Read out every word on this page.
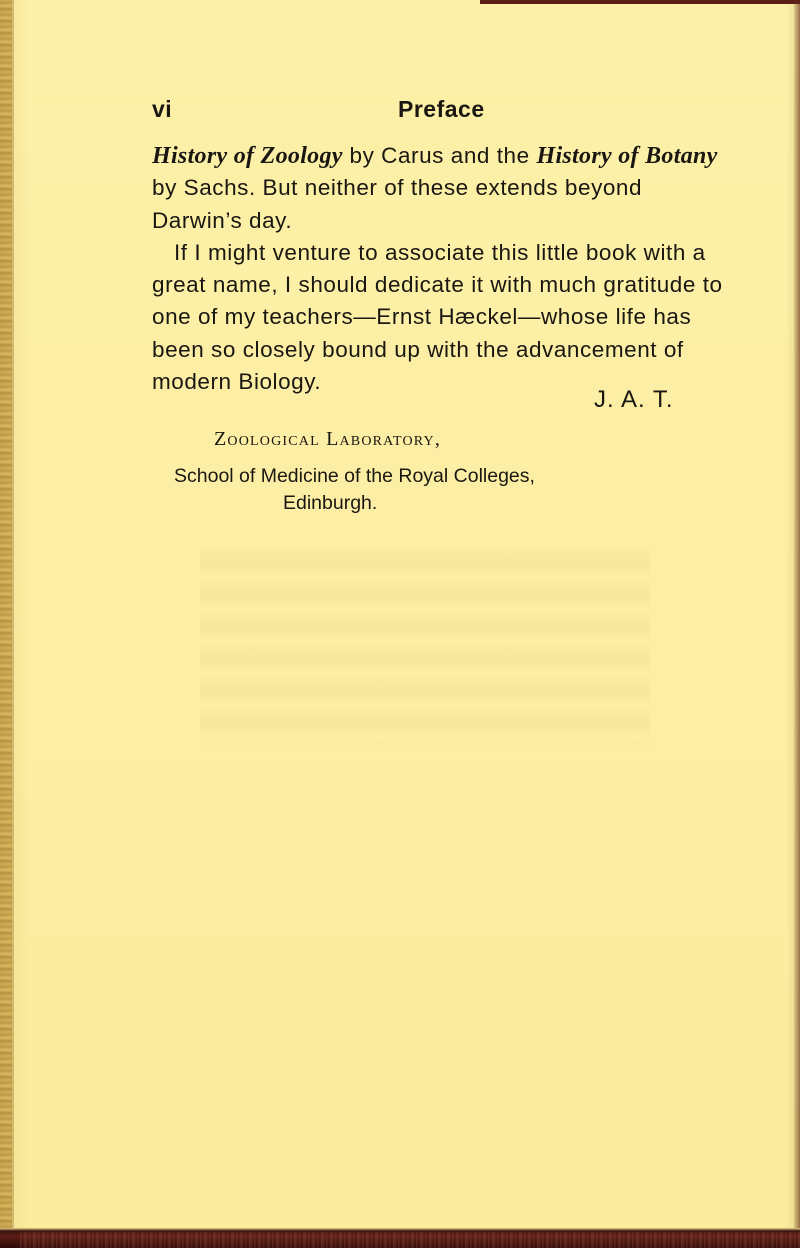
vi	Preface

History of Zoology by Carus and the History of Botany by Sachs. But neither of these extends beyond Darwin’s day.

If I might venture to associate this little book with a great name, I should dedicate it with much gratitude to one of my teachers—Ernst Hæckel—whose life has been so closely bound up with the advancement of modern Biology.

J. A. T.
Zoological Laboratory,
School of Medicine of the Royal Colleges,
Edinburgh.
